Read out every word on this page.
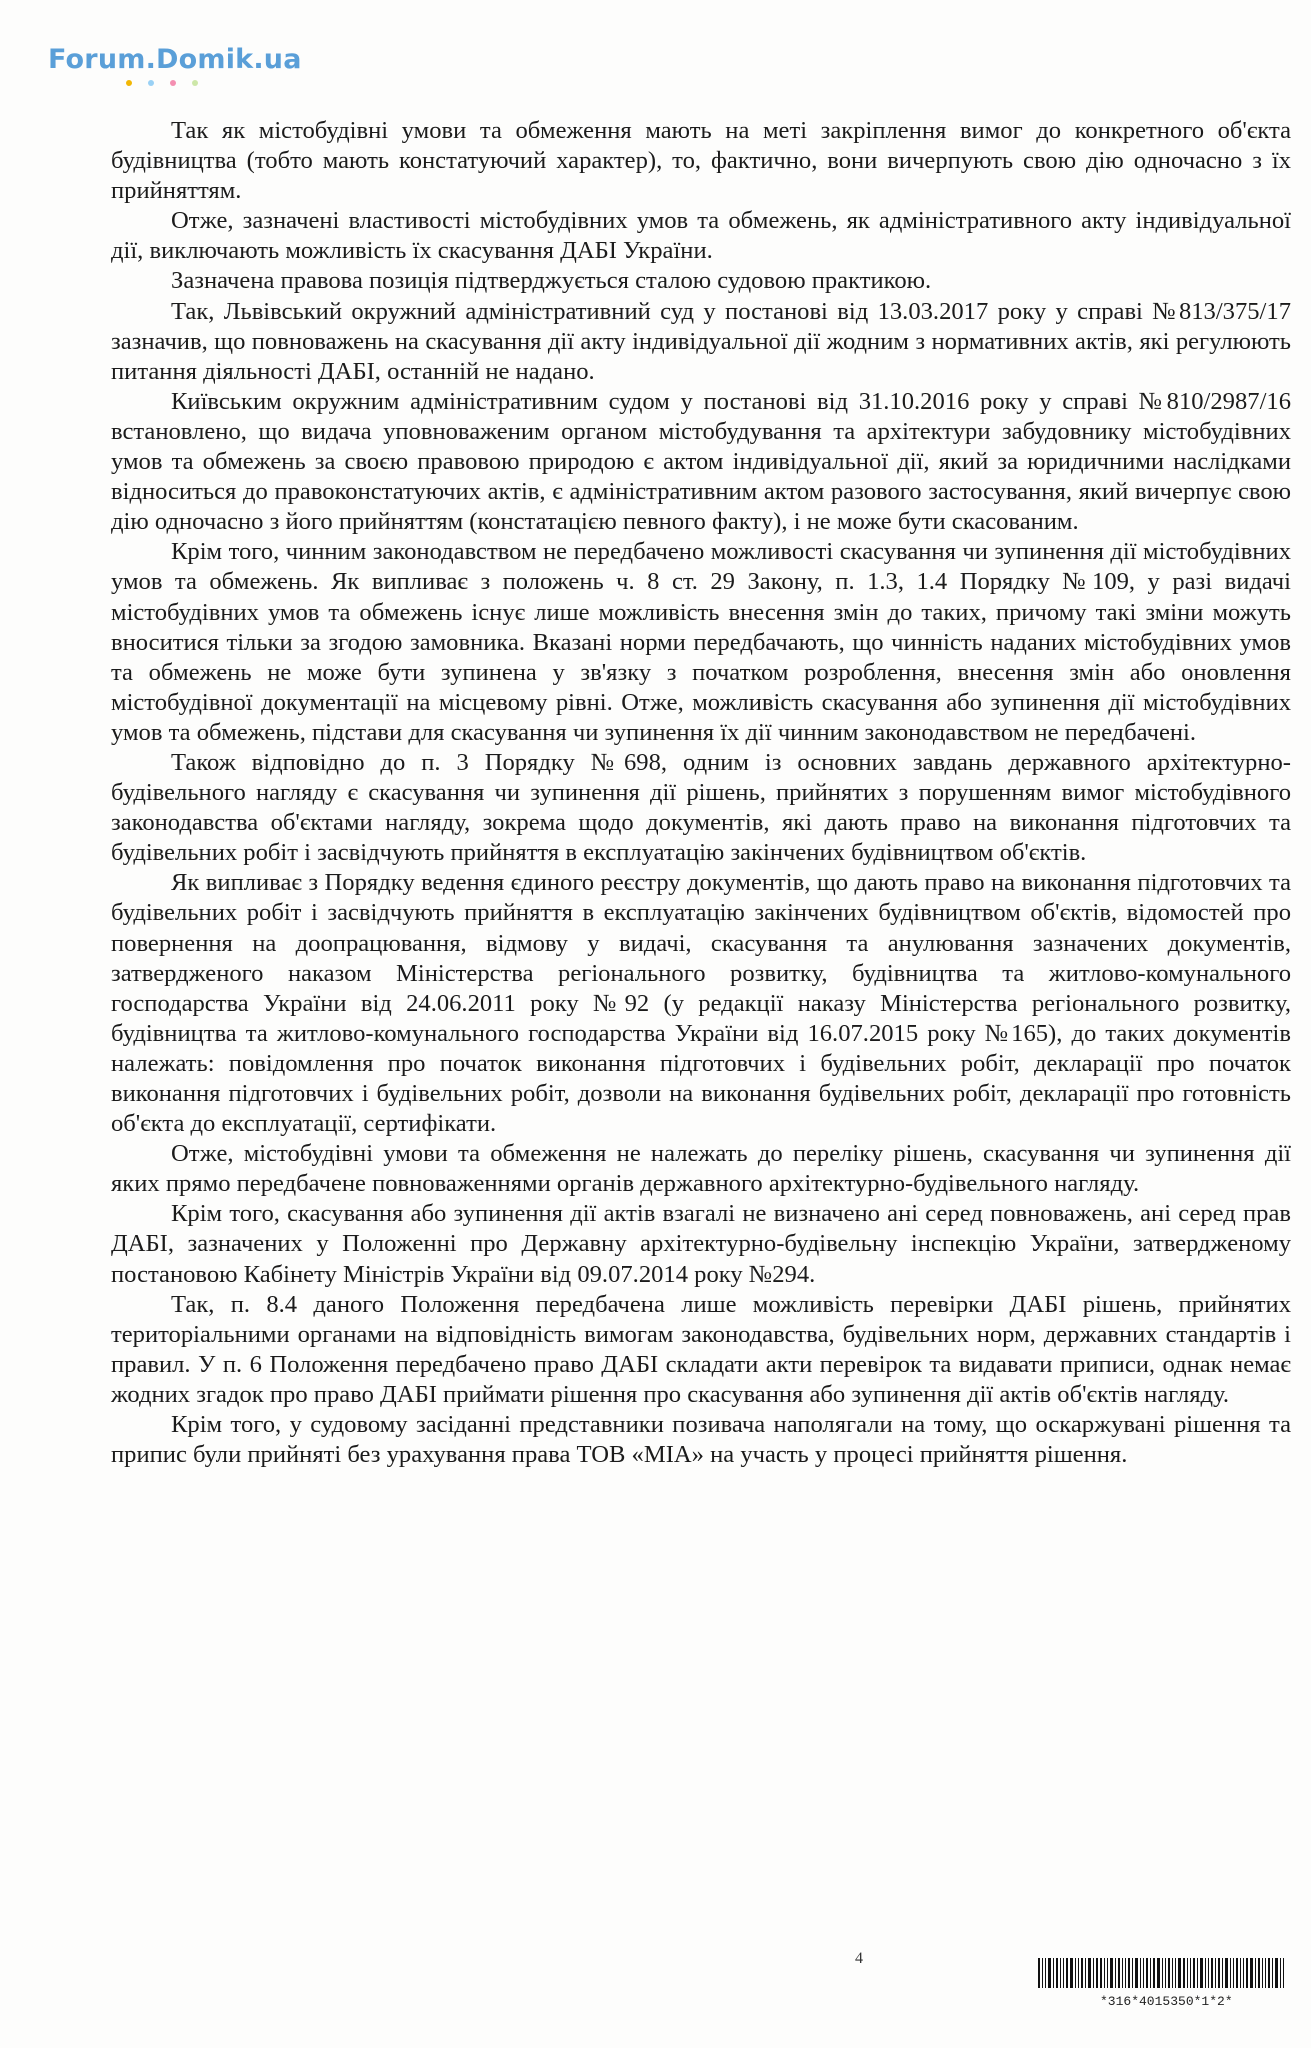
Forum.Domik.ua

Так як містобудівні умови та обмеження мають на меті закріплення вимог до конкретного об'єкта будівництва (тобто мають констатуючий характер), то, фактично, вони вичерпують свою дію одночасно з їх прийняттям.

Отже, зазначені властивості містобудівних умов та обмежень, як адміністративного акту індивідуальної дії, виключають можливість їх скасування ДАБІ України.

Зазначена правова позиція підтверджується сталою судовою практикою.

Так, Львівський окружний адміністративний суд у постанові від 13.03.2017 року у справі №813/375/17 зазначив, що повноважень на скасування дії акту індивідуальної дії жодним з нормативних актів, які регулюють питання діяльності ДАБІ, останній не надано.

Київським окружним адміністративним судом у постанові від 31.10.2016 року у справі №810/2987/16 встановлено, що видача уповноваженим органом містобудування та архітектури забудовнику містобудівних умов та обмежень за своєю правовою природою є актом індивідуальної дії, який за юридичними наслідками відноситься до правоконстатуючих актів, є адміністративним актом разового застосування, який вичерпує свою дію одночасно з його прийняттям (констатацією певного факту), і не може бути скасованим.

Крім того, чинним законодавством не передбачено можливості скасування чи зупинення дії містобудівних умов та обмежень. Як випливає з положень ч. 8 ст. 29 Закону, п. 1.3, 1.4 Порядку №109, у разі видачі містобудівних умов та обмежень існує лише можливість внесення змін до таких, причому такі зміни можуть вноситися тільки за згодою замовника. Вказані норми передбачають, що чинність наданих містобудівних умов та обмежень не може бути зупинена у зв'язку з початком розроблення, внесення змін або оновлення містобудівної документації на місцевому рівні. Отже, можливість скасування або зупинення дії містобудівних умов та обмежень, підстави для скасування чи зупинення їх дії чинним законодавством не передбачені.

Також відповідно до п. 3 Порядку №698, одним із основних завдань державного архітектурно-будівельного нагляду є скасування чи зупинення дії рішень, прийнятих з порушенням вимог містобудівного законодавства об'єктами нагляду, зокрема щодо документів, які дають право на виконання підготовчих та будівельних робіт і засвідчують прийняття в експлуатацію закінчених будівництвом об'єктів.

Як випливає з Порядку ведення єдиного реєстру документів, що дають право на виконання підготовчих та будівельних робіт і засвідчують прийняття в експлуатацію закінчених будівництвом об'єктів, відомостей про повернення на доопрацювання, відмову у видачі, скасування та анулювання зазначених документів, затвердженого наказом Міністерства регіонального розвитку, будівництва та житлово-комунального господарства України від 24.06.2011 року №92 (у редакції наказу Міністерства регіонального розвитку, будівництва та житлово-комунального господарства України від 16.07.2015 року №165), до таких документів належать: повідомлення про початок виконання підготовчих і будівельних робіт, декларації про початок виконання підготовчих і будівельних робіт, дозволи на виконання будівельних робіт, декларації про готовність об'єкта до експлуатації, сертифікати.

Отже, містобудівні умови та обмеження не належать до переліку рішень, скасування чи зупинення дії яких прямо передбачене повноваженнями органів державного архітектурно-будівельного нагляду.

Крім того, скасування або зупинення дії актів взагалі не визначено ані серед повноважень, ані серед прав ДАБІ, зазначених у Положенні про Державну архітектурно-будівельну інспекцію України, затвердженому постановою Кабінету Міністрів України від 09.07.2014 року №294.

Так, п. 8.4 даного Положення передбачена лише можливість перевірки ДАБІ рішень, прийнятих територіальними органами на відповідність вимогам законодавства, будівельних норм, державних стандартів і правил. У п. 6 Положення передбачено право ДАБІ складати акти перевірок та видавати приписи, однак немає жодних згадок про право ДАБІ приймати рішення про скасування або зупинення дії актів об'єктів нагляду.

Крім того, у судовому засіданні представники позивача наполягали на тому, що оскаржувані рішення та припис були прийняті без урахування права ТОВ «МІА» на участь у процесі прийняття рішення.

4
*316*4015350*1*2*
